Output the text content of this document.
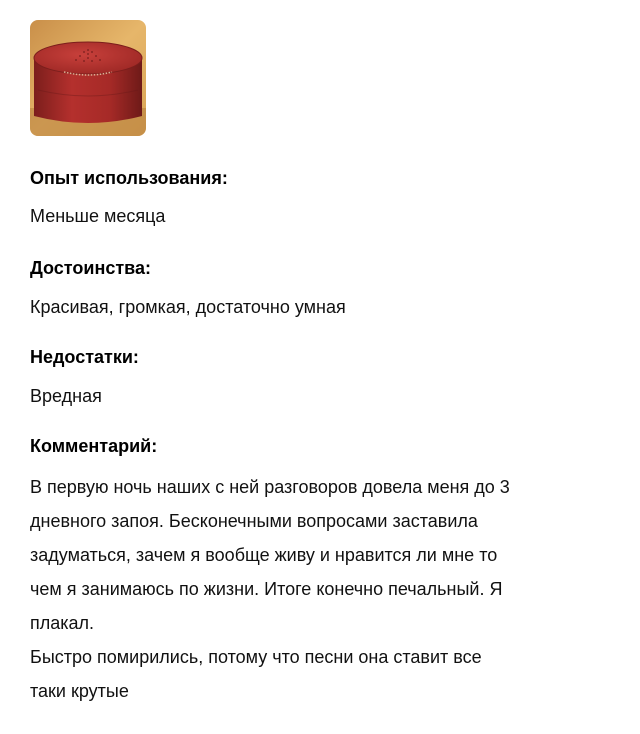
Опыт использования:

Меньше месяца

Достоинства:

Красивая, громкая, достаточно умная

Недостатки:

Вредная

Комментарий:

В первую ночь наших с ней разговоров довела меня до 3

дневного запоя. Бесконечными вопросами заставила

задуматься, зачем я вообще живу и нравится ли мне то

чем я занимаюсь по жизни. Итоге конечно печальный. Я

плакал.

Быстро помирились, потому что песни она ставит все

таки крутые
